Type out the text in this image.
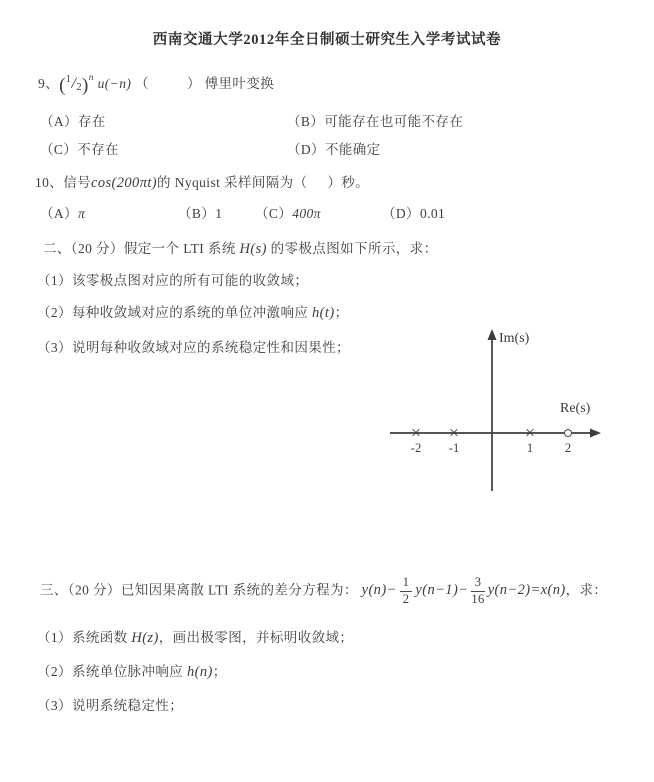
西南交通大学2012年全日制硕士研究生入学考试试卷
9、$(^1/2)^n$ u(−n) （	） 傅里叶变换
（A）存在	（B）可能存在也可能不存在
（C）不存在	（D）不能确定
10、信号cos(200πt)的 Nyquist 采样间隔为（ ）秒。
（A）π	（B）1 （C）400π	（D）0.01
二、（20 分）假定一个 LTI 系统 H(s) 的零极点图如下所示，求：
（1）该零极点图对应的所有可能的收敛域；
（2）每种收敛域对应的系统的单位冲激响应 h(t)；
（3）说明每种收敛域对应的系统稳定性和因果性；
Im(s)
Re(s)
× ×	×
-2 -1	1	2
三、（20 分）已知因果离散 LTI 系统的差分方程为： $y(n)- \frac{1}{2} y(n-1)- \frac{3}{16} y(n-2)=x(n)$，求：
（1）系统函数 H(z)，画出极零图，并标明收敛域；
（2）系统单位脉冲响应 h(n)；
（3）说明系统稳定性；
